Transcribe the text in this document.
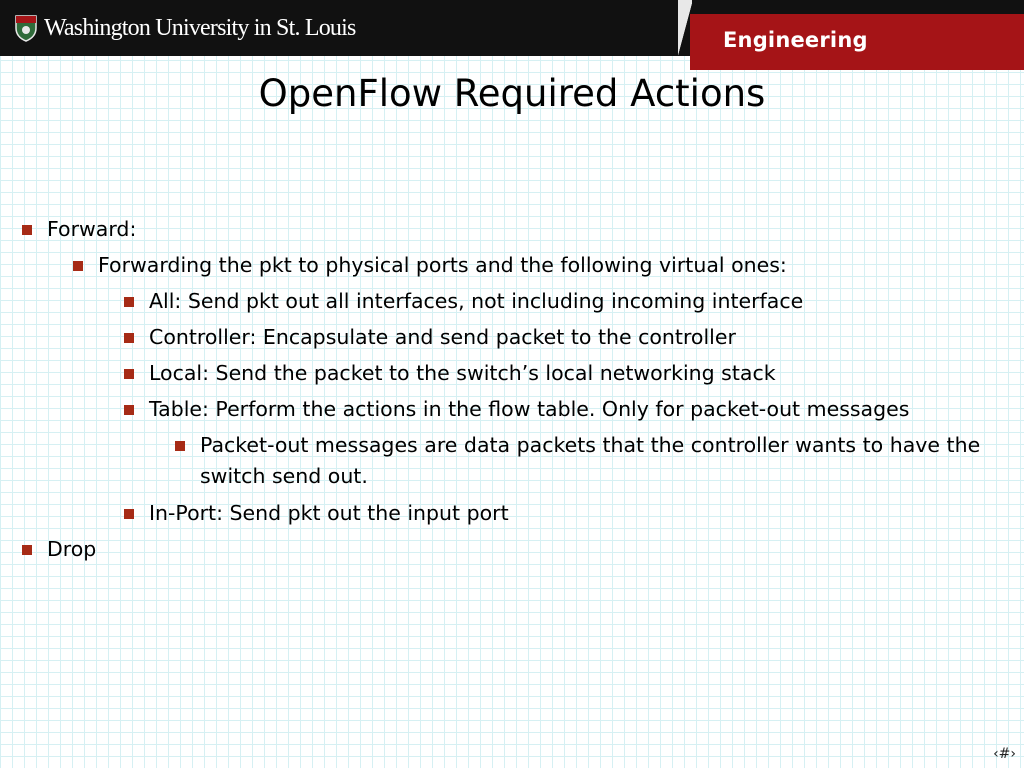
Washington University in St. Louis	Engineering
OpenFlow Required Actions
Forward:
Forwarding the pkt to physical ports and the following virtual ones:
All: Send pkt out all interfaces, not including incoming interface
Controller: Encapsulate and send packet to the controller
Local: Send the packet to the switch’s local networking stack
Table: Perform the actions in the flow table. Only for packet-out messages
Packet-out messages are data packets that the controller wants to have the switch send out.
In-Port: Send pkt out the input port
Drop
‹#›
